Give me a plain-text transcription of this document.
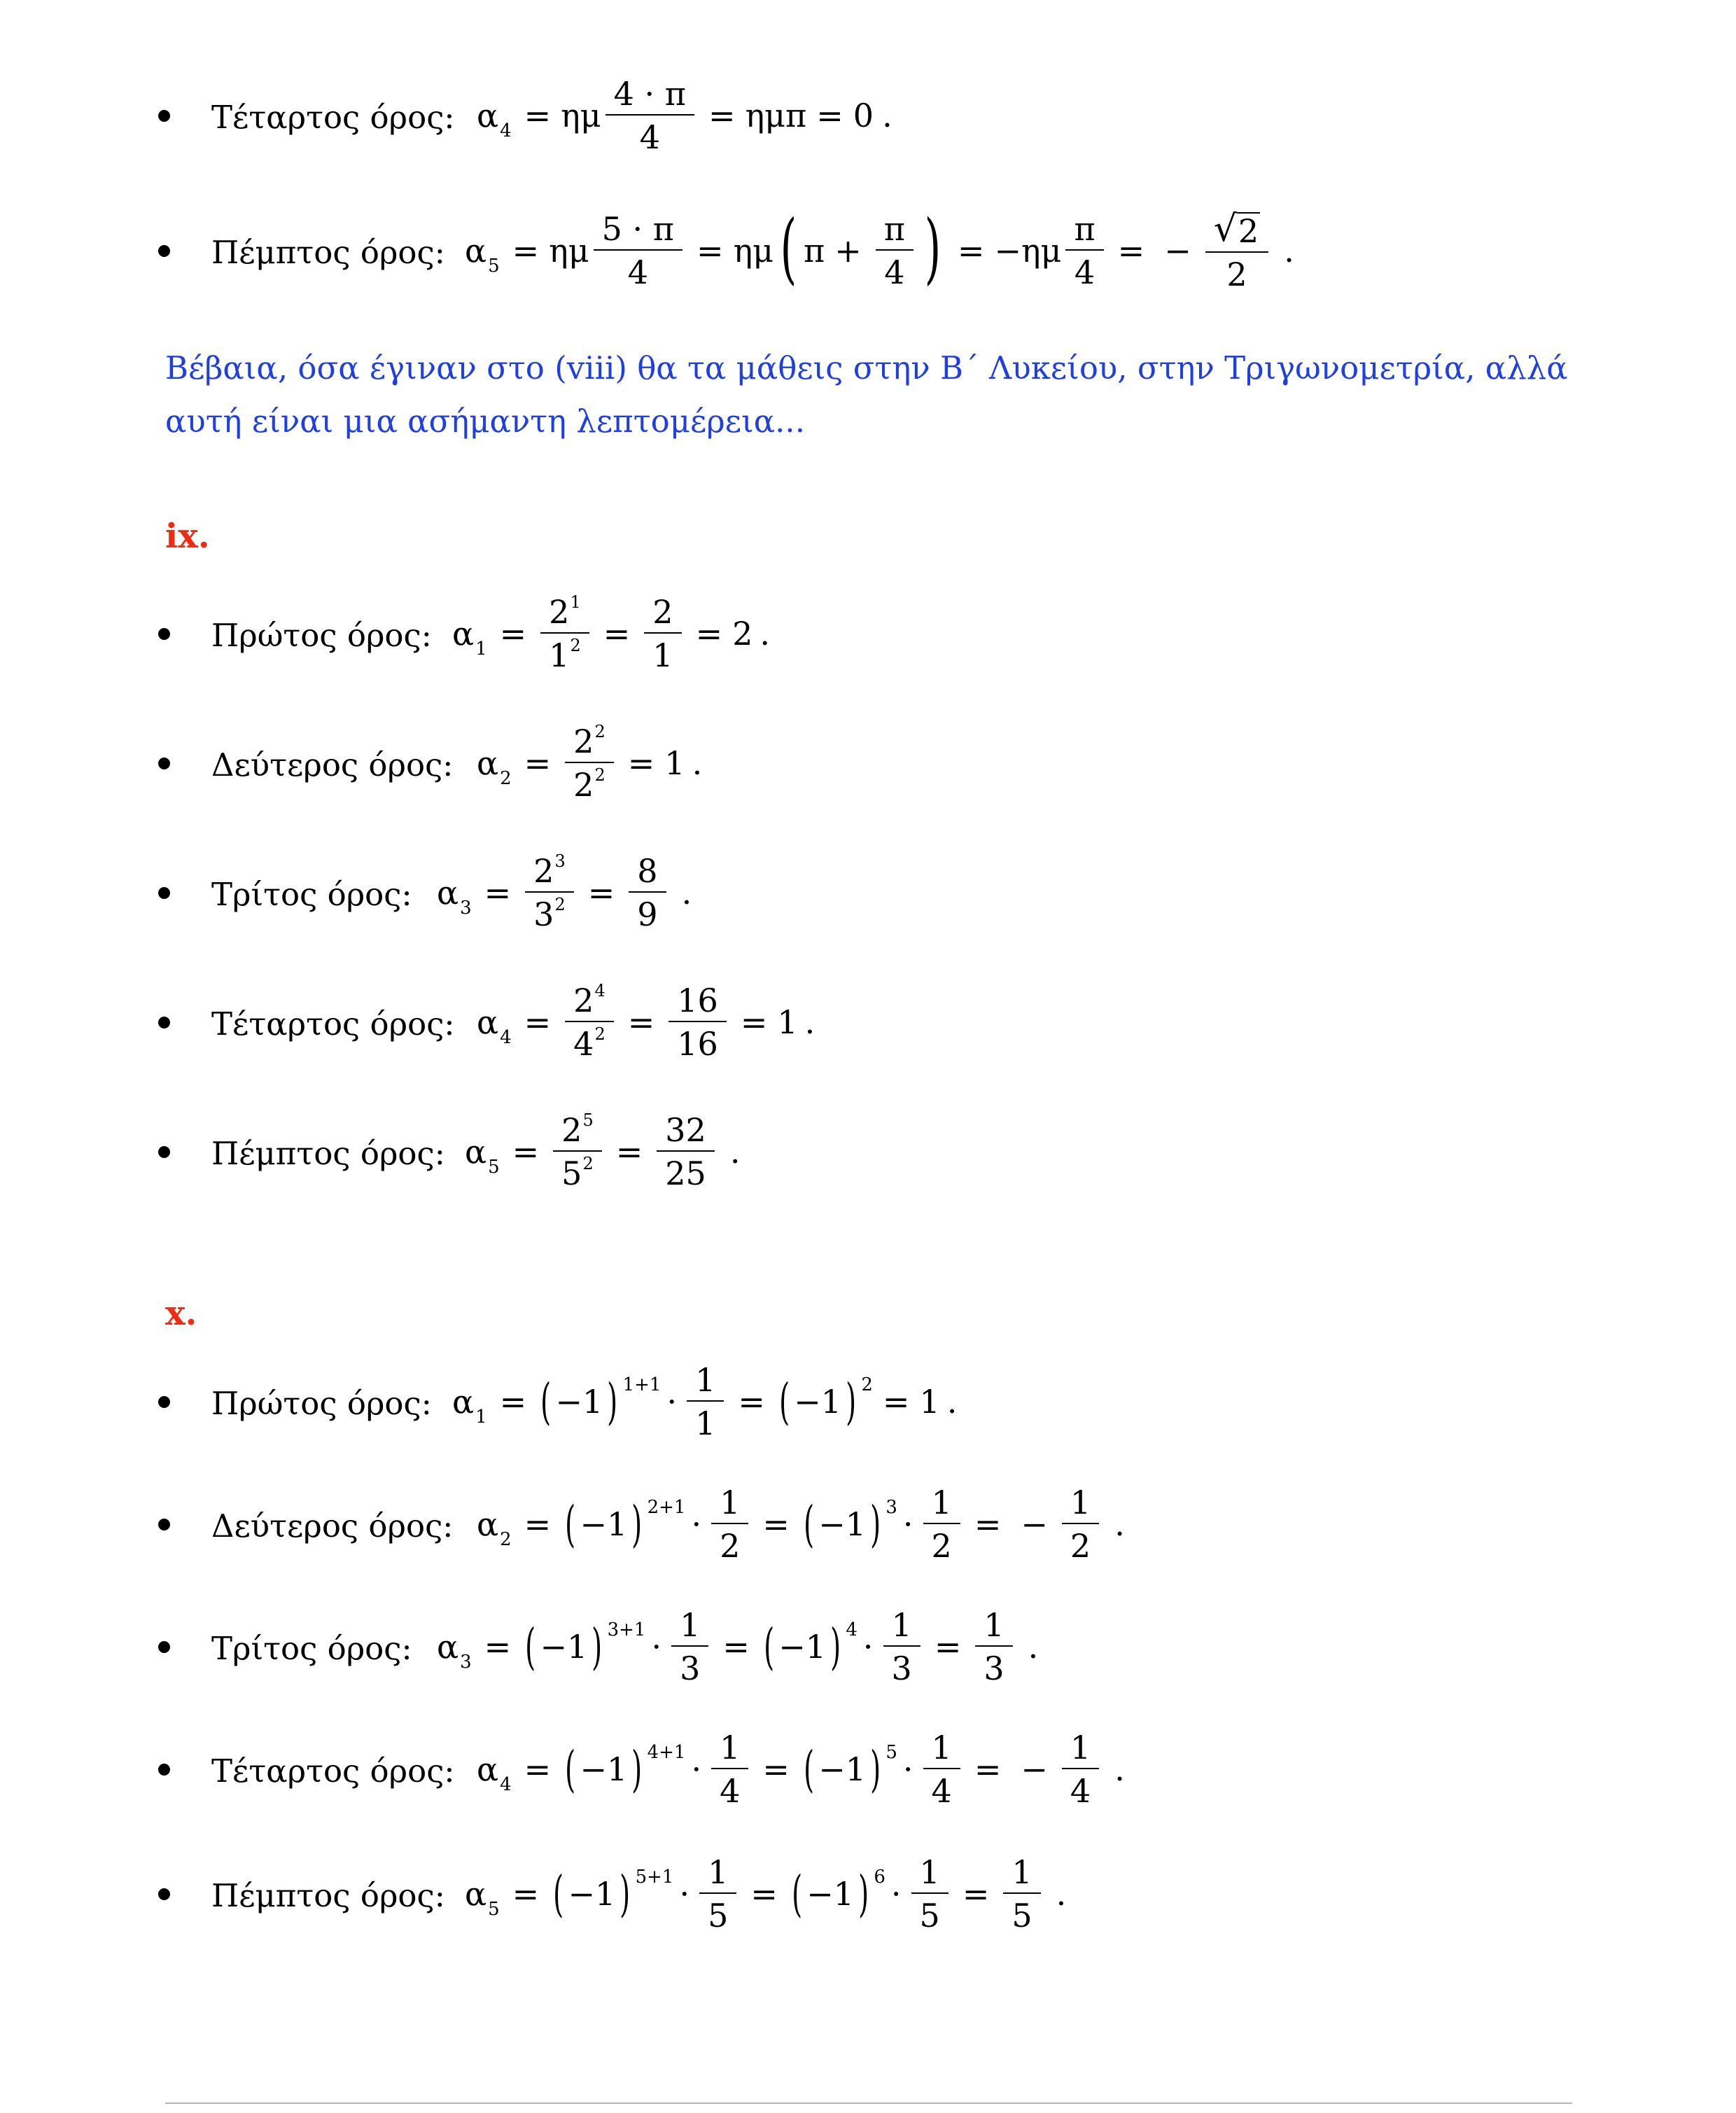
Τέταρτος όρος: α 4 = ημ $\frac{4 \cdot \pi}{4} = \eta\mu\pi = 0$ .
Πέμπτος όρος: α 5 = ημ $\frac{5 \cdot \pi}{4} = \eta\mu$ ( $\pi + \frac{\pi}{4}$ ) = $-\eta\mu \frac{\pi}{4}$ = − $\frac{√ 2}{2}$ .
Βέβαια, όσα έγιναν στο (viii) θα τα μάθεις στην Β΄ Λυκείου, στην Τριγωνομετρία, αλλά αυτή είναι μια ασήμαντη λεπτομέρεια...
ix.
Πρώτος όρος: α $1 = \frac{2^1}{1^2} = \frac{2}{1} = 2$ .
Δεύτερος όρος: α $2 = \frac{2^2}{2^2} = 1$ .
Τρίτος όρος: α $3 = \frac{2^3}{3^2} = \frac{8}{9}$ .
Τέταρτος όρος: α $4 = \frac{2^4}{4^2} = \frac{16}{16} = 1$ .
Πέμπτος όρος: α $5 = \frac{2^5}{5^2} = \frac{32}{25}$ .
x.
Πρώτος όρος: α 1 = ( −1 ) $1+1 \cdot \frac{1}{1}$ = ( −1 ) 2 = 1 .
Δεύτερος όρος: α 2 = ( −1 ) $2+1 \cdot \frac{1}{2}$ = ( −1 ) $3 \cdot \frac{1}{2}$ = − $\frac{1}{2}$ .
Τρίτος όρος: α 3 = ( −1 ) $3+1 \cdot \frac{1}{3}$ = ( −1 ) $4 \cdot \frac{1}{3} = \frac{1}{3}$ .
Τέταρτος όρος: α 4 = ( −1 ) $4+1 \cdot \frac{1}{4}$ = ( −1 ) $5 \cdot \frac{1}{4}$ = − $\frac{1}{4}$ .
Πέμπτος όρος: α 5 = ( −1 ) $5+1 \cdot \frac{1}{5}$ = ( −1 ) $6 \cdot \frac{1}{5} = \frac{1}{5}$ .
